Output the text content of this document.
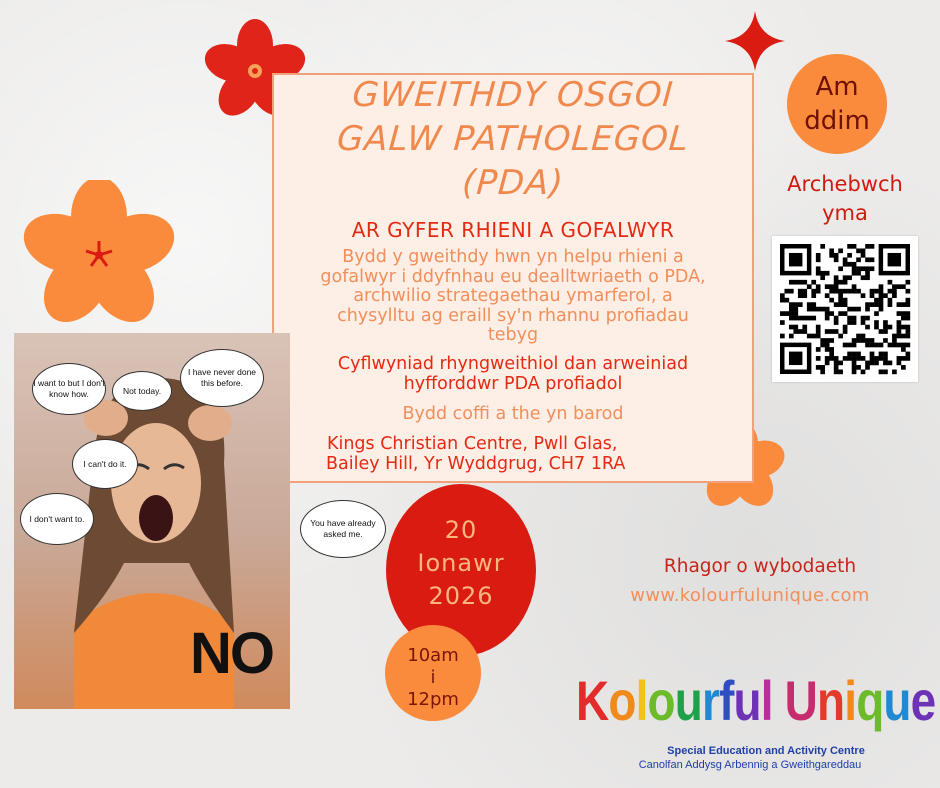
GWEITHDY OSGOI
GALW PATHOLEGOL
(PDA)
AR GYFER RHIENI A GOFALWYR
Bydd y gweithdy hwn yn helpu rhieni a
gofalwyr i ddyfnhau eu dealltwriaeth o PDA,
archwilio strategaethau ymarferol, a
chysylltu ag eraill sy'n rhannu profiadau
tebyg
Cyflwyniad rhyngweithiol dan arweiniad
hyfforddwr PDA profiadol
Bydd coffi a the yn barod
Kings Christian Centre, Pwll Glas,
Bailey Hill, Yr Wyddgrug, CH7 1RA
I want to but I don't know how.	Not today.
I have never done this before.
I can't do it.
I don't want to.	You have already asked me.
NO
20
Ionawr
2026
10am
i
12pm
Am
ddim
Archebwch
yma
Rhagor o wybodaeth
www.kolourfulunique.com
Kolourful Unique
Special Education and Activity Centre
Canolfan Addysg Arbennig a Gweithgareddau
